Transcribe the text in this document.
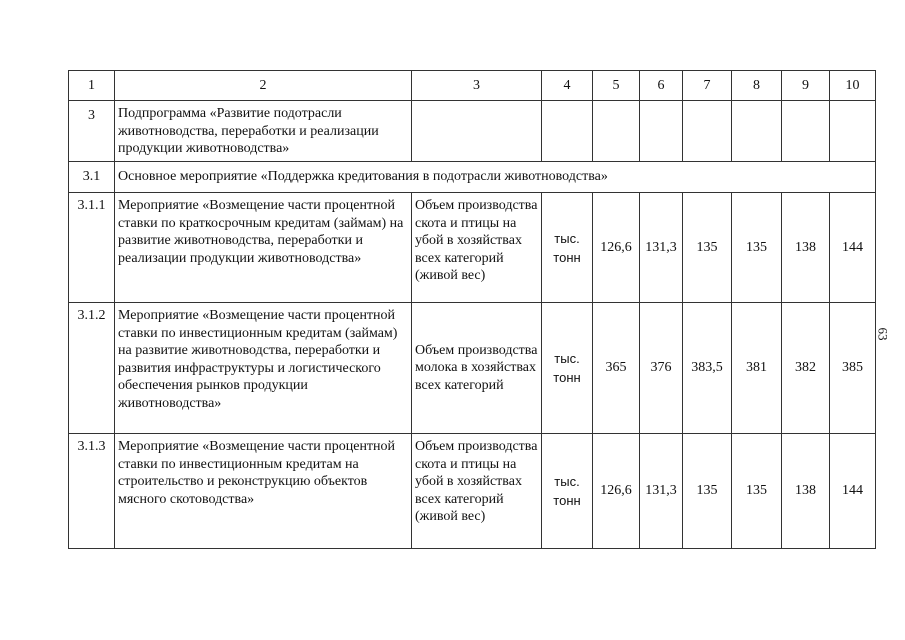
1	2	3	4	5	6	7	8	9	10
3	Подпрограмма «Развитие подотрасли животноводства, переработки и реализации продукции животноводства»								
3.1	Основное мероприятие «Поддержка кредитования в подотрасли животноводства»								
3.1.1	Мероприятие «Возмещение части процентной ставки по краткосрочным кредитам (займам) на развитие животноводства, переработки и реализации продукции животноводства»	Объем производства скота и птицы на убой в хозяйствах всех категорий (живой вес)	тыс. тонн	126,6	131,3	135	135	138	144
3.1.2	Мероприятие «Возмещение части процентной ставки по инвестиционным кредитам (займам) на развитие животноводства, переработки и развития инфраструктуры и логистического обеспечения рынков продукции животноводства»	Объем производства молока в хозяйствах всех категорий	тыс. тонн	365	376	383,5	381	382	385
3.1.3	Мероприятие «Возмещение части процентной ставки по инвестиционным кредитам на строительство и реконструкцию объектов мясного скотоводства»	Объем производства скота и птицы на убой в хозяйствах всех категорий (живой вес)	тыс. тонн	126,6	131,3	135	135	138	144
63
